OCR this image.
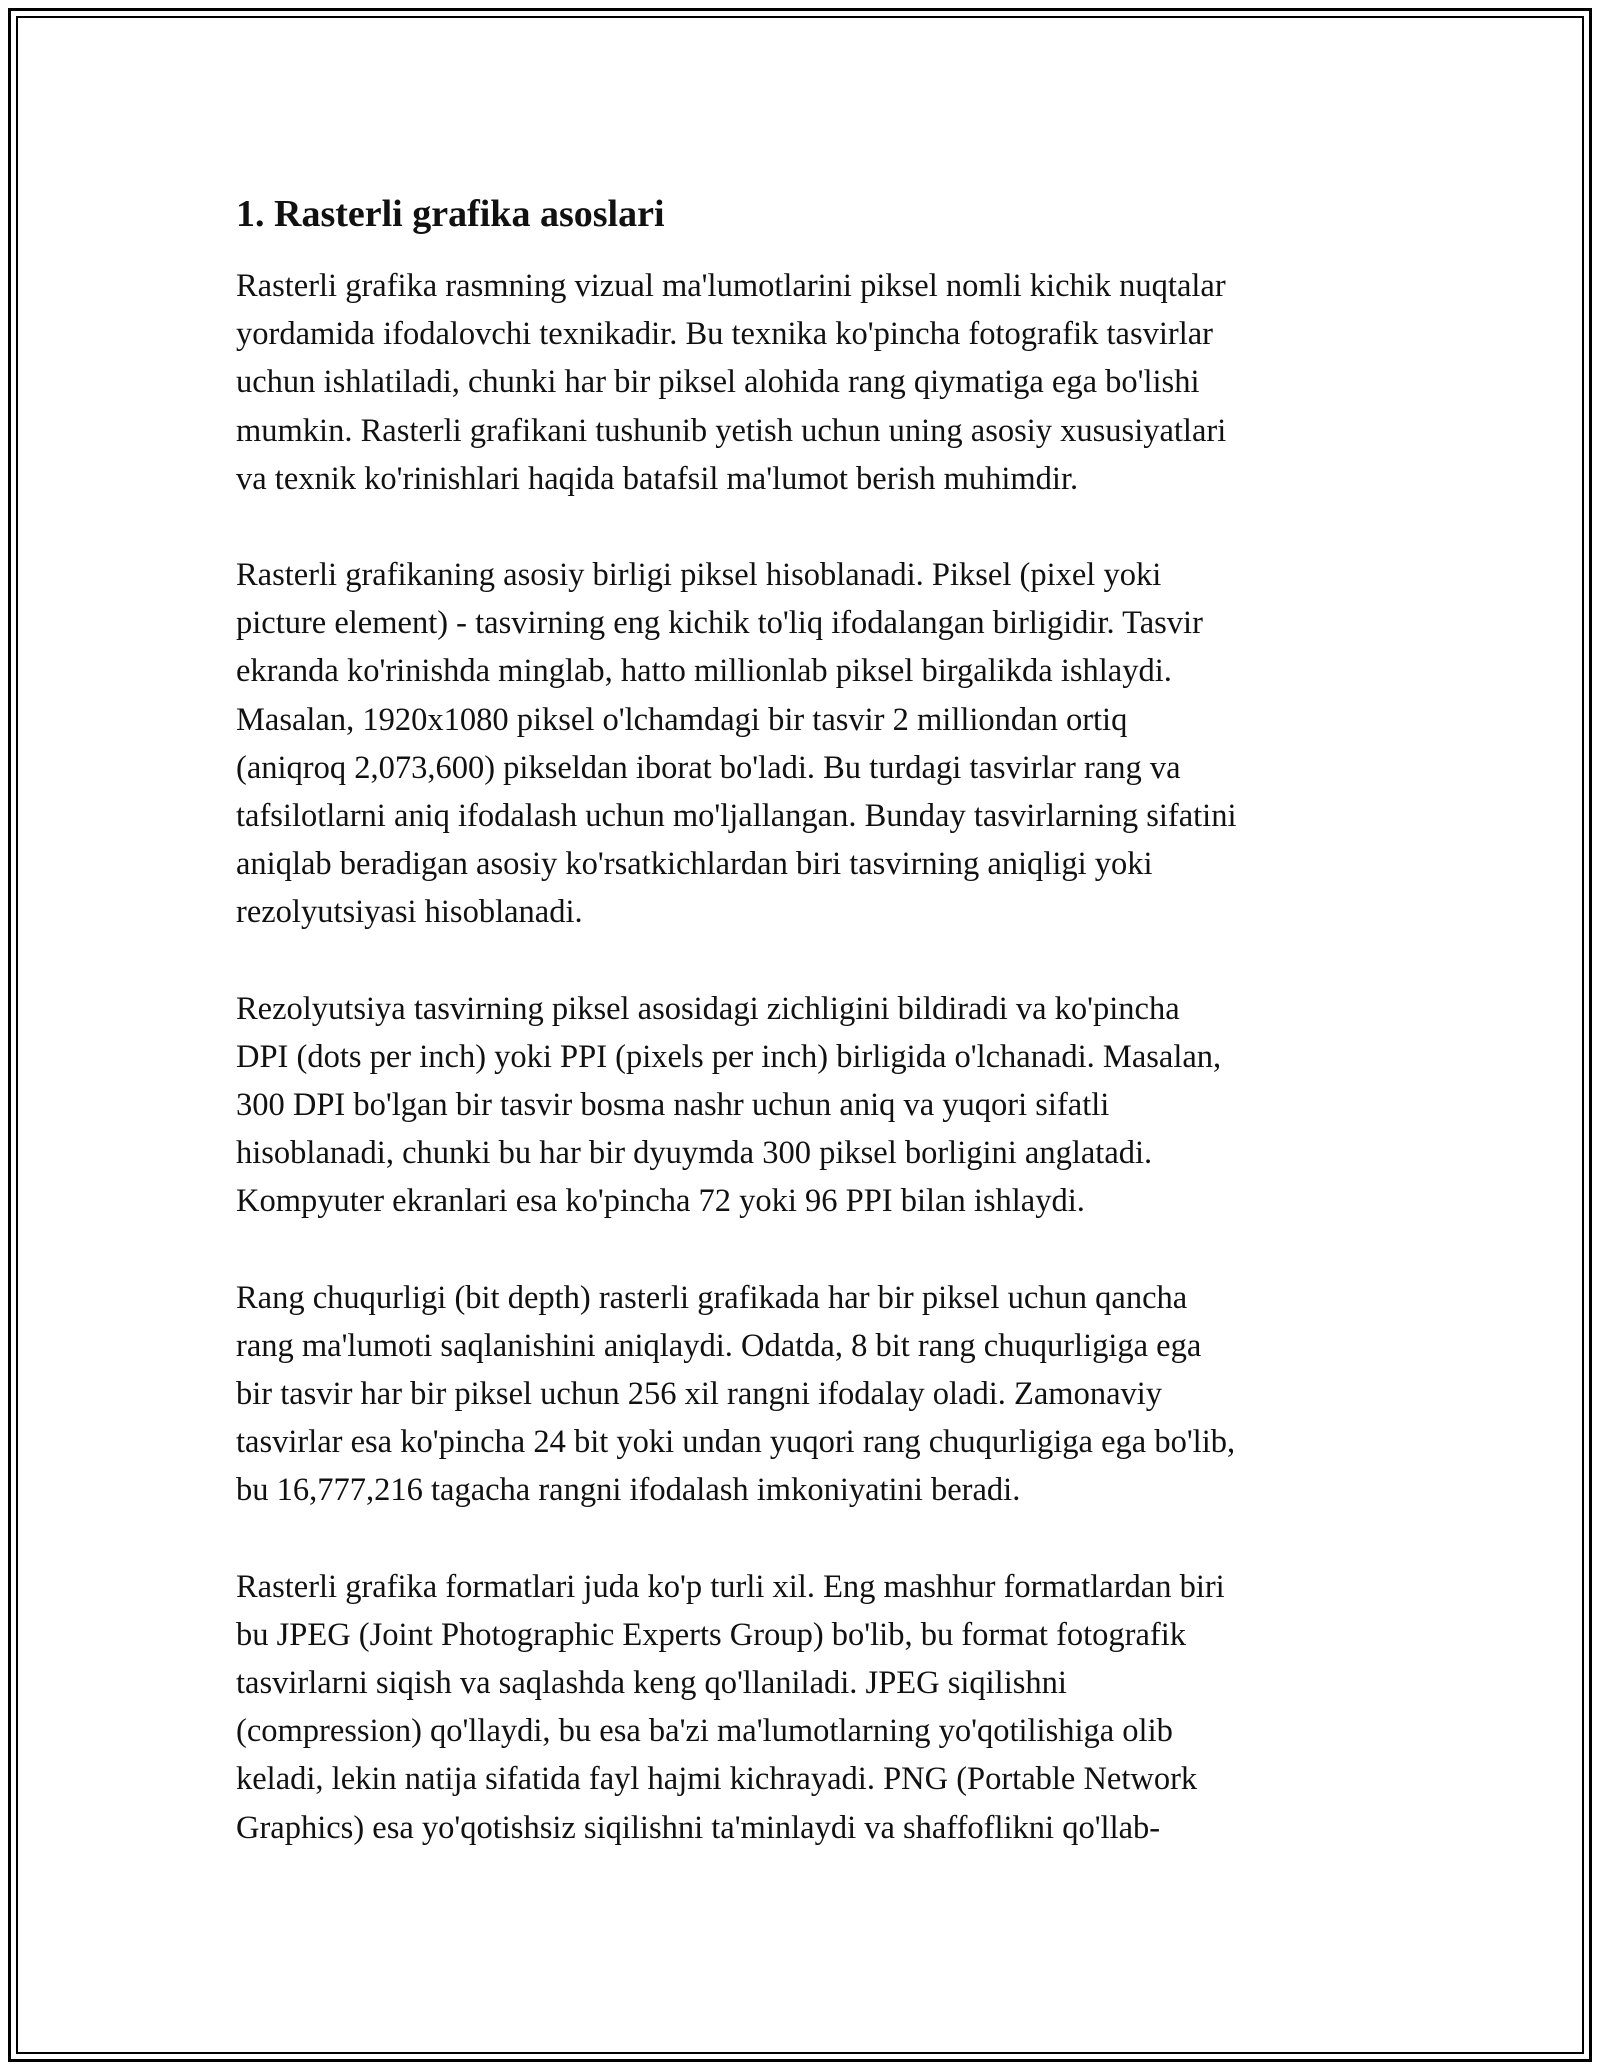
1. Rasterli grafika asoslari

Rasterli grafika rasmning vizual ma'lumotlarini piksel nomli kichik nuqtalar
yordamida ifodalovchi texnikadir. Bu texnika ko'pincha fotografik tasvirlar
uchun ishlatiladi, chunki har bir piksel alohida rang qiymatiga ega bo'lishi
mumkin. Rasterli grafikani tushunib yetish uchun uning asosiy xususiyatlari
va texnik ko'rinishlari haqida batafsil ma'lumot berish muhimdir.

Rasterli grafikaning asosiy birligi piksel hisoblanadi. Piksel (pixel yoki
picture element) - tasvirning eng kichik to'liq ifodalangan birligidir. Tasvir
ekranda ko'rinishda minglab, hatto millionlab piksel birgalikda ishlaydi.
Masalan, 1920x1080 piksel o'lchamdagi bir tasvir 2 milliondan ortiq
(aniqroq 2,073,600) pikseldan iborat bo'ladi. Bu turdagi tasvirlar rang va
tafsilotlarni aniq ifodalash uchun mo'ljallangan. Bunday tasvirlarning sifatini
aniqlab beradigan asosiy ko'rsatkichlardan biri tasvirning aniqligi yoki
rezolyutsiyasi hisoblanadi.

Rezolyutsiya tasvirning piksel asosidagi zichligini bildiradi va ko'pincha
DPI (dots per inch) yoki PPI (pixels per inch) birligida o'lchanadi. Masalan,
300 DPI bo'lgan bir tasvir bosma nashr uchun aniq va yuqori sifatli
hisoblanadi, chunki bu har bir dyuymda 300 piksel borligini anglatadi.
Kompyuter ekranlari esa ko'pincha 72 yoki 96 PPI bilan ishlaydi.

Rang chuqurligi (bit depth) rasterli grafikada har bir piksel uchun qancha
rang ma'lumoti saqlanishini aniqlaydi. Odatda, 8 bit rang chuqurligiga ega
bir tasvir har bir piksel uchun 256 xil rangni ifodalay oladi. Zamonaviy
tasvirlar esa ko'pincha 24 bit yoki undan yuqori rang chuqurligiga ega bo'lib,
bu 16,777,216 tagacha rangni ifodalash imkoniyatini beradi.

Rasterli grafika formatlari juda ko'p turli xil. Eng mashhur formatlardan biri
bu JPEG (Joint Photographic Experts Group) bo'lib, bu format fotografik
tasvirlarni siqish va saqlashda keng qo'llaniladi. JPEG siqilishni
(compression) qo'llaydi, bu esa ba'zi ma'lumotlarning yo'qotilishiga olib
keladi, lekin natija sifatida fayl hajmi kichrayadi. PNG (Portable Network
Graphics) esa yo'qotishsiz siqilishni ta'minlaydi va shaffoflikni qo'llab-
